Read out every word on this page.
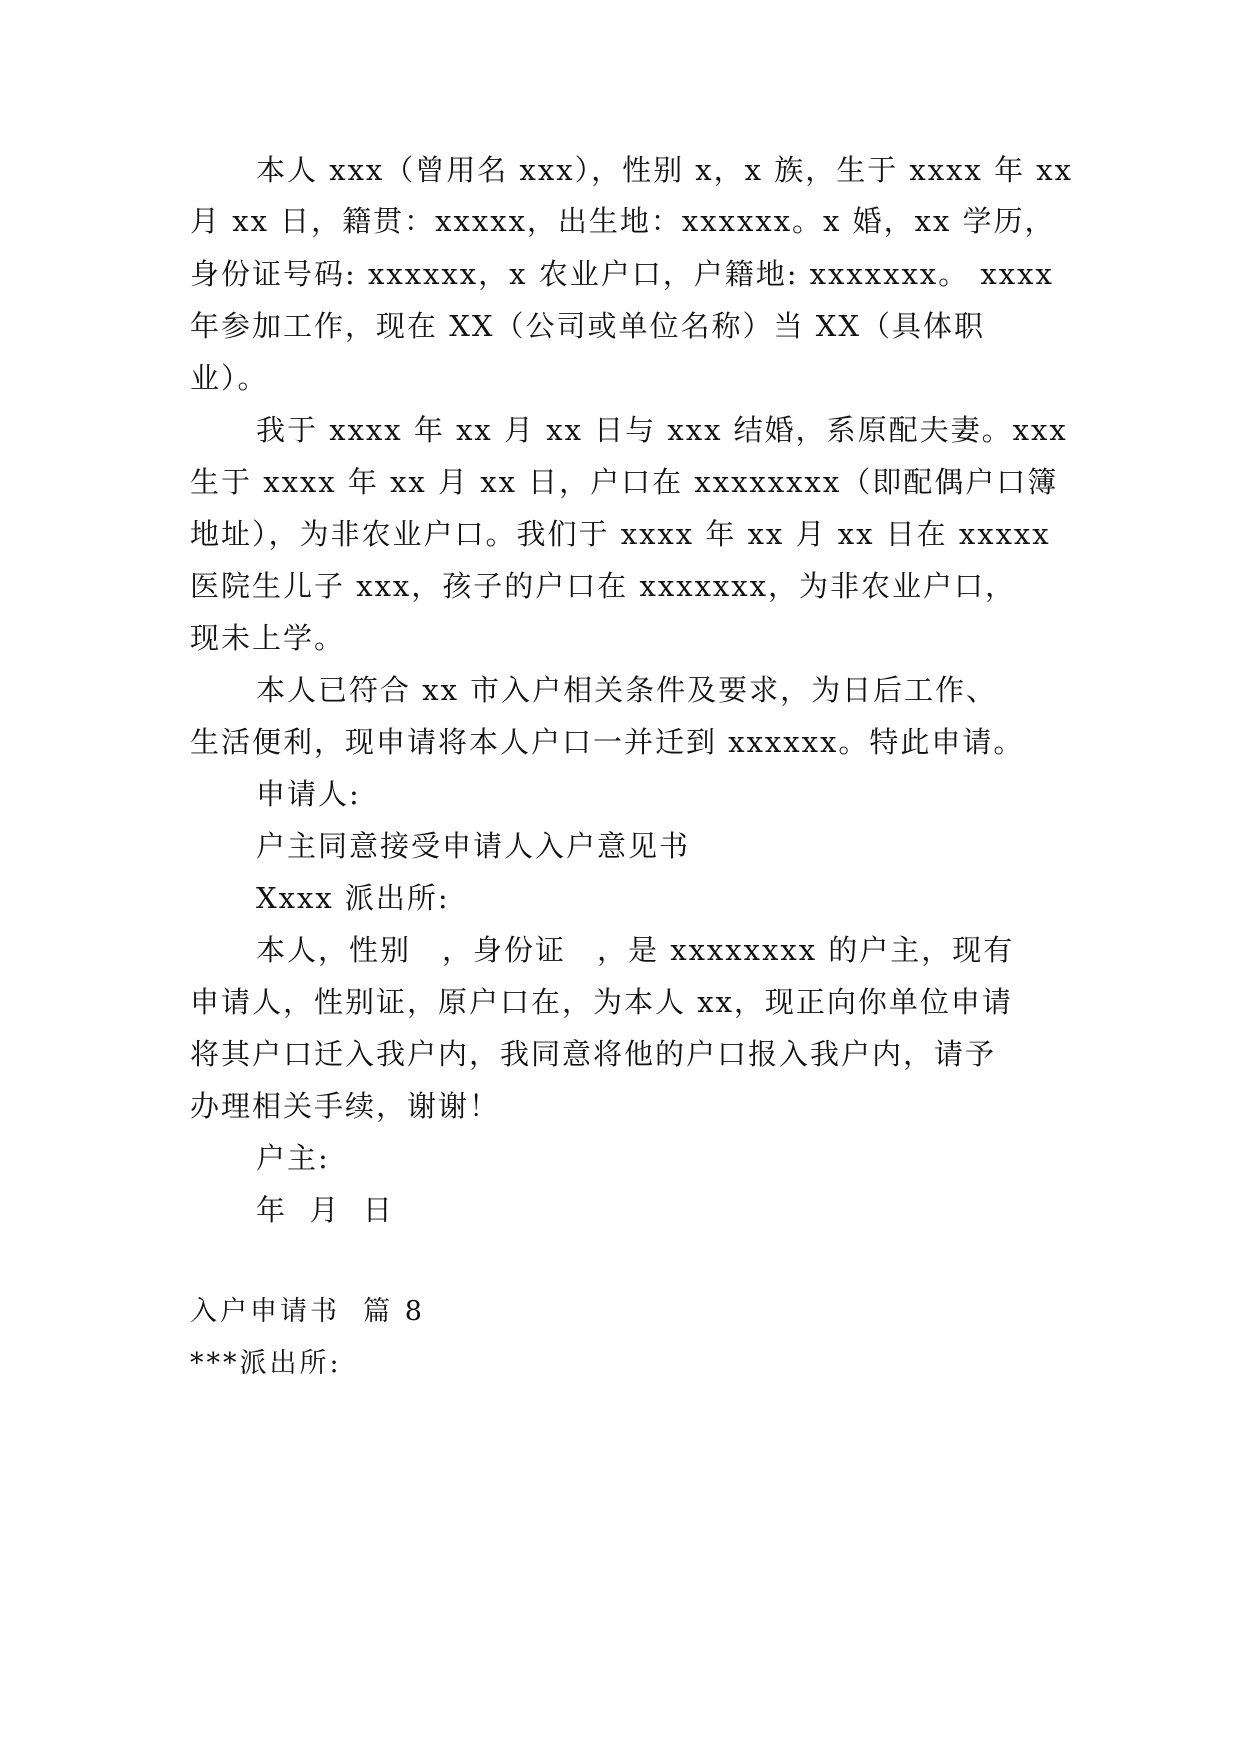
本人 xxx（曾用名 xxx），性别 x，x 族，生于 xxxx 年 xx
月 xx 日，籍贯：xxxxx，出生地：xxxxxx。x 婚，xx 学历，
身份证号码: xxxxxx，x 农业户口，户籍地: xxxxxxx。 xxxx
年参加工作，现在 XX（公司或单位名称）当 XX（具体职
业）。
我于 xxxx 年 xx 月 xx 日与 xxx 结婚，系原配夫妻。xxx
生于 xxxx 年 xx 月 xx 日，户口在 xxxxxxxx（即配偶户口簿
地址），为非农业户口。我们于 xxxx 年 xx 月 xx 日在 xxxxx
医院生儿子 xxx，孩子的户口在 xxxxxxx，为非农业户口，
现未上学。
本人已符合 xx 市入户相关条件及要求，为日后工作、
生活便利，现申请将本人户口一并迁到 xxxxxx。特此申请。
申请人:
户主同意接受申请人入户意见书
Xxxx 派出所:
本人，性别　，身份证　，是 xxxxxxxx 的户主，现有
申请人，性别证，原户口在，为本人 xx，现正向你单位申请
将其户口迁入我户内，我同意将他的户口报入我户内，请予
办理相关手续，谢谢！
户主:
年  月  日
入户申请书  篇 8
***派出所:
